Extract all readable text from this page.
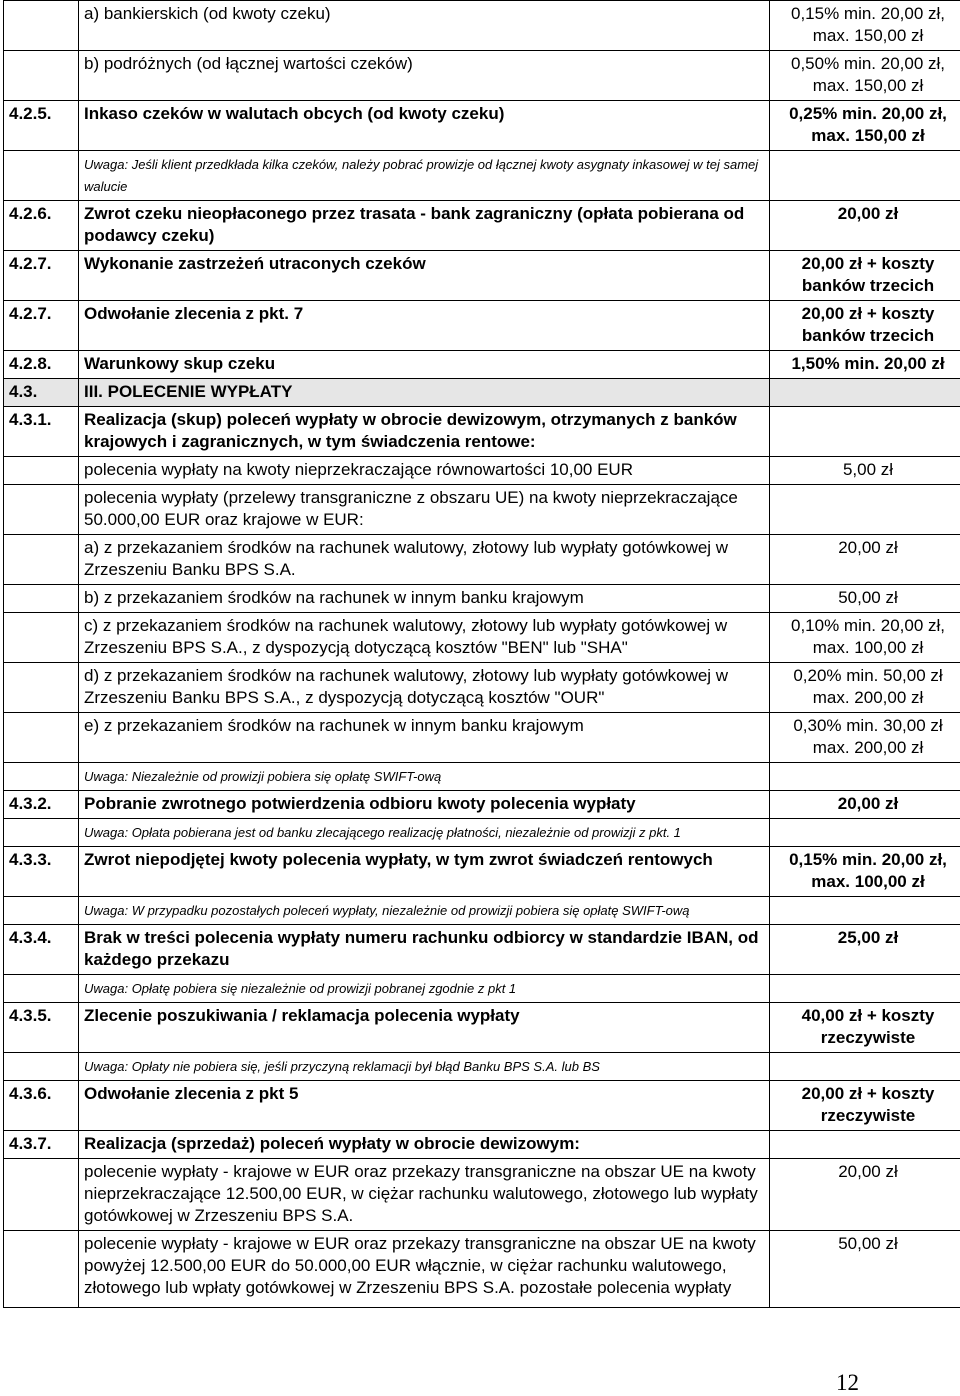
	a) bankierskich (od kwoty czeku)	0,15% min. 20,00 zł, max. 150,00 zł
	b) podróżnych (od łącznej wartości czeków)	0,50% min. 20,00 zł, max. 150,00 zł
4.2.5.	Inkaso czeków w walutach obcych (od kwoty czeku)	0,25% min. 20,00 zł, max. 150,00 zł
	Uwaga: Jeśli klient przedkłada kilka czeków, należy pobrać prowizje od łącznej kwoty asygnaty inkasowej w tej samej walucie	
4.2.6.	Zwrot czeku nieopłaconego przez trasata - bank zagraniczny (opłata pobierana od podawcy czeku)	20,00 zł
4.2.7.	Wykonanie zastrzeżeń utraconych czeków	20,00 zł + koszty banków trzecich
4.2.7.	Odwołanie zlecenia z pkt. 7	20,00 zł + koszty banków trzecich
4.2.8.	Warunkowy skup czeku	1,50% min. 20,00 zł
4.3.	III. POLECENIE WYPŁATY	
4.3.1.	Realizacja (skup) poleceń wypłaty w obrocie dewizowym, otrzymanych z banków krajowych i zagranicznych, w tym świadczenia rentowe:	
	polecenia wypłaty na kwoty nieprzekraczające równowartości 10,00 EUR	5,00 zł
	polecenia wypłaty (przelewy transgraniczne z obszaru UE) na kwoty nieprzekraczające 50.000,00 EUR oraz krajowe w EUR:	
	a) z przekazaniem środków na rachunek walutowy, złotowy lub wypłaty gotówkowej w Zrzeszeniu Banku BPS S.A.	20,00 zł
	b) z przekazaniem środków na rachunek w innym banku krajowym	50,00 zł
	c) z przekazaniem środków na rachunek walutowy, złotowy lub wypłaty gotówkowej w Zrzeszeniu BPS S.A., z dyspozycją dotyczącą kosztów "BEN" lub "SHA"	0,10% min. 20,00 zł, max. 100,00 zł
	d) z przekazaniem środków na rachunek walutowy, złotowy lub wypłaty gotówkowej w Zrzeszeniu Banku BPS S.A., z dyspozycją dotyczącą kosztów "OUR"	0,20% min. 50,00 zł max. 200,00 zł
	e) z przekazaniem środków na rachunek w innym banku krajowym	0,30% min. 30,00 zł max. 200,00 zł
	Uwaga: Niezależnie od prowizji pobiera się opłatę SWIFT-ową	
4.3.2.	Pobranie zwrotnego potwierdzenia odbioru kwoty polecenia wypłaty	20,00 zł
	Uwaga: Opłata pobierana jest od banku zlecającego realizację płatności, niezależnie od prowizji z pkt. 1	
4.3.3.	Zwrot niepodjętej kwoty polecenia wypłaty, w tym zwrot świadczeń rentowych	0,15% min. 20,00 zł, max. 100,00 zł
	Uwaga: W przypadku pozostałych poleceń wypłaty, niezależnie od prowizji pobiera się opłatę SWIFT-ową	
4.3.4.	Brak w treści polecenia wypłaty numeru rachunku odbiorcy w standardzie IBAN, od każdego przekazu	25,00 zł
	Uwaga: Opłatę pobiera się niezależnie od prowizji pobranej zgodnie z pkt 1	
4.3.5.	Zlecenie poszukiwania / reklamacja polecenia wypłaty	40,00 zł + koszty rzeczywiste
	Uwaga: Opłaty nie pobiera się, jeśli przyczyną reklamacji był błąd Banku BPS S.A. lub BS	
4.3.6.	Odwołanie zlecenia z pkt 5	20,00 zł + koszty rzeczywiste
4.3.7.	Realizacja (sprzedaż) poleceń wypłaty w obrocie dewizowym:	
	polecenie wypłaty - krajowe w EUR oraz przekazy transgraniczne na obszar UE na kwoty nieprzekraczające 12.500,00 EUR, w ciężar rachunku walutowego, złotowego lub wypłaty gotówkowej w Zrzeszeniu BPS S.A.	20,00 zł
	polecenie wypłaty - krajowe w EUR oraz przekazy transgraniczne na obszar UE na kwoty powyżej 12.500,00 EUR do 50.000,00 EUR włącznie, w ciężar rachunku walutowego, złotowego lub wpłaty gotówkowej w Zrzeszeniu BPS S.A. pozostałe polecenia wypłaty	50,00 zł
12
